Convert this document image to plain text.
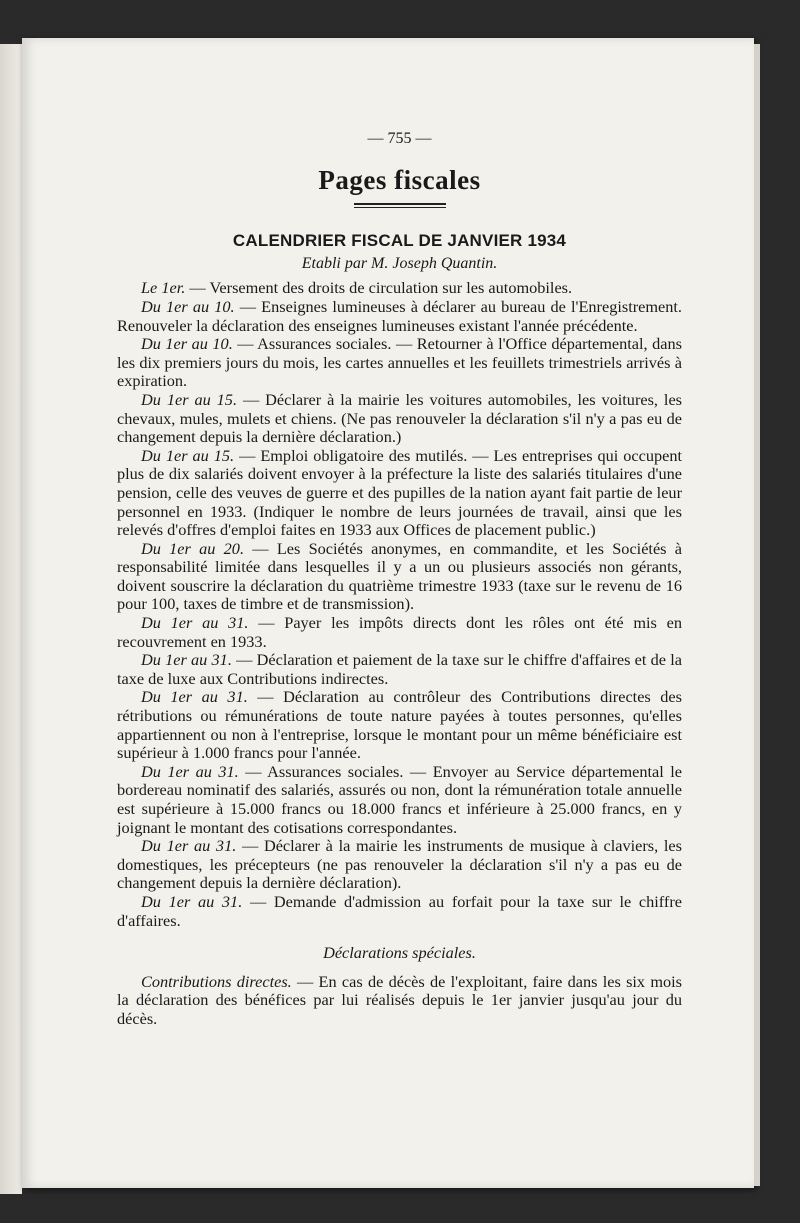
— 755 —
Pages fiscales
CALENDRIER FISCAL DE JANVIER 1934
Etabli par M. Joseph Quantin.

Le 1er. — Versement des droits de circulation sur les automobiles.

Du 1er au 10. — Enseignes lumineuses à déclarer au bureau de l'Enregistrement. Renouveler la déclaration des enseignes lumineuses existant l'année précédente.

Du 1er au 10. — Assurances sociales. — Retourner à l'Office départemental, dans les dix premiers jours du mois, les cartes annuelles et les feuillets trimestriels arrivés à expiration.

Du 1er au 15. — Déclarer à la mairie les voitures automobiles, les voitures, les chevaux, mules, mulets et chiens. (Ne pas renouveler la déclaration s'il n'y a pas eu de changement depuis la dernière déclaration.)

Du 1er au 15. — Emploi obligatoire des mutilés. — Les entreprises qui occupent plus de dix salariés doivent envoyer à la préfecture la liste des salariés titulaires d'une pension, celle des veuves de guerre et des pupilles de la nation ayant fait partie de leur personnel en 1933. (Indiquer le nombre de leurs journées de travail, ainsi que les relevés d'offres d'emploi faites en 1933 aux Offices de placement public.)

Du 1er au 20. — Les Sociétés anonymes, en commandite, et les Sociétés à responsabilité limitée dans lesquelles il y a un ou plusieurs associés non gérants, doivent souscrire la déclaration du quatrième trimestre 1933 (taxe sur le revenu de 16 pour 100, taxes de timbre et de transmission).

Du 1er au 31. — Payer les impôts directs dont les rôles ont été mis en recouvrement en 1933.

Du 1er au 31. — Déclaration et paiement de la taxe sur le chiffre d'affaires et de la taxe de luxe aux Contributions indirectes.

Du 1er au 31. — Déclaration au contrôleur des Contributions directes des rétributions ou rémunérations de toute nature payées à toutes personnes, qu'elles appartiennent ou non à l'entreprise, lorsque le montant pour un même bénéficiaire est supérieur à 1.000 francs pour l'année.

Du 1er au 31. — Assurances sociales. — Envoyer au Service départemental le bordereau nominatif des salariés, assurés ou non, dont la rémunération totale annuelle est supérieure à 15.000 francs ou 18.000 francs et inférieure à 25.000 francs, en y joignant le montant des cotisations correspondantes.

Du 1er au 31. — Déclarer à la mairie les instruments de musique à claviers, les domestiques, les précepteurs (ne pas renouveler la déclaration s'il n'y a pas eu de changement depuis la dernière déclaration).

Du 1er au 31. — Demande d'admission au forfait pour la taxe sur le chiffre d'affaires.

Déclarations spéciales.

Contributions directes. — En cas de décès de l'exploitant, faire dans les six mois la déclaration des bénéfices par lui réalisés depuis le 1er janvier jusqu'au jour du décès.
